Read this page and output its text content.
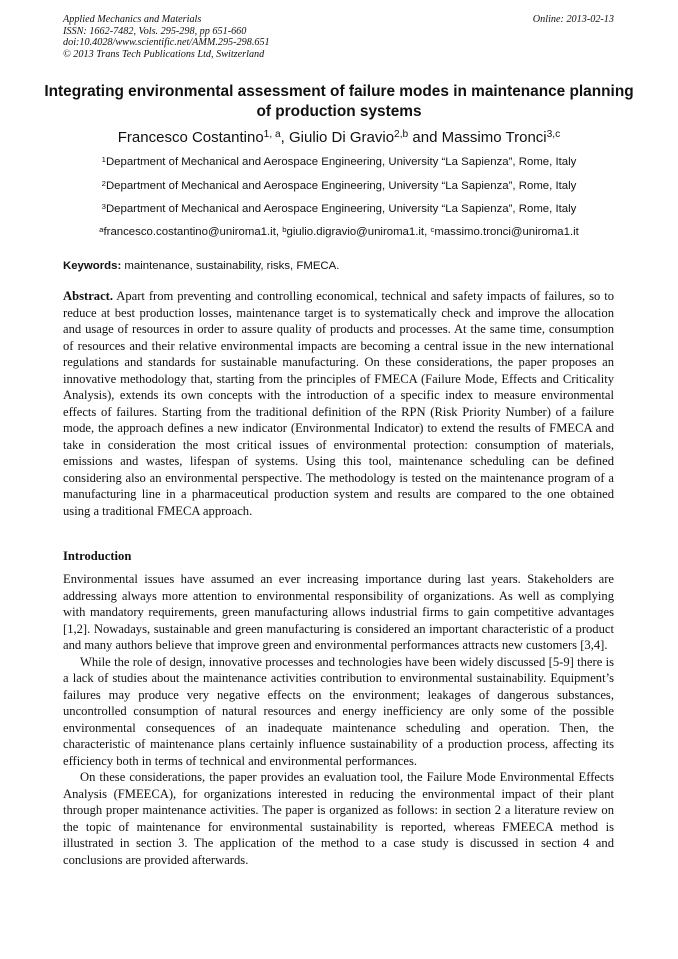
Applied Mechanics and Materials
ISSN: 1662-7482, Vols. 295-298, pp 651-660
doi:10.4028/www.scientific.net/AMM.295-298.651
© 2013 Trans Tech Publications Ltd, Switzerland
Online: 2013-02-13
Integrating environmental assessment of failure modes in maintenance planning of production systems
Francesco Costantino$^{1, a}$, Giulio Di Gravio$^{2,b}$ and Massimo Tronci$^{3,c}$
$^1$Department of Mechanical and Aerospace Engineering, University “La Sapienza”, Rome, Italy
$^2$Department of Mechanical and Aerospace Engineering, University “La Sapienza”, Rome, Italy
$^3$Department of Mechanical and Aerospace Engineering, University “La Sapienza”, Rome, Italy
$^a$francesco.costantino@uniroma1.it, $^b$giulio.digravio@uniroma1.it, $^c$massimo.tronci@uniroma1.it
Keywords: maintenance, sustainability, risks, FMECA.
Abstract. Apart from preventing and controlling economical, technical and safety impacts of failures, so to reduce at best production losses, maintenance target is to systematically check and improve the allocation and usage of resources in order to assure quality of products and processes. At the same time, consumption of resources and their relative environmental impacts are becoming a central issue in the new international regulations and standards for sustainable manufacturing. On these considerations, the paper proposes an innovative methodology that, starting from the principles of FMECA (Failure Mode, Effects and Criticality Analysis), extends its own concepts with the introduction of a specific index to measure environmental effects of failures. Starting from the traditional definition of the RPN (Risk Priority Number) of a failure mode, the approach defines a new indicator (Environmental Indicator) to extend the results of FMECA and take in consideration the most critical issues of environmental protection: consumption of materials, emissions and wastes, lifespan of systems. Using this tool, maintenance scheduling can be defined considering also an environmental perspective. The methodology is tested on the maintenance program of a manufacturing line in a pharmaceutical production system and results are compared to the one obtained using a traditional FMECA approach.
Introduction

Environmental issues have assumed an ever increasing importance during last years. Stakeholders are addressing always more attention to environmental responsibility of organizations. As well as complying with mandatory requirements, green manufacturing allows industrial firms to gain competitive advantages [1,2]. Nowadays, sustainable and green manufacturing is considered an important characteristic of a product and many authors believe that improve green and environmental performances attracts new customers [3,4].

While the role of design, innovative processes and technologies have been widely discussed [5-9] there is a lack of studies about the maintenance activities contribution to environmental sustainability. Equipment’s failures may produce very negative effects on the environment; leakages of dangerous substances, uncontrolled consumption of natural resources and energy inefficiency are only some of the possible environmental consequences of an inadequate maintenance scheduling and operation. Then, the characteristic of maintenance plans certainly influence sustainability of a production process, affecting its efficiency both in terms of technical and environmental performances.

On these considerations, the paper provides an evaluation tool, the Failure Mode Environmental Effects Analysis (FMEECA), for organizations interested in reducing the environmental impact of their plant through proper maintenance activities. The paper is organized as follows: in section 2 a literature review on the topic of maintenance for environmental sustainability is reported, whereas FMEECA method is illustrated in section 3. The application of the method to a case study is discussed in section 4 and conclusions are provided afterwards.
